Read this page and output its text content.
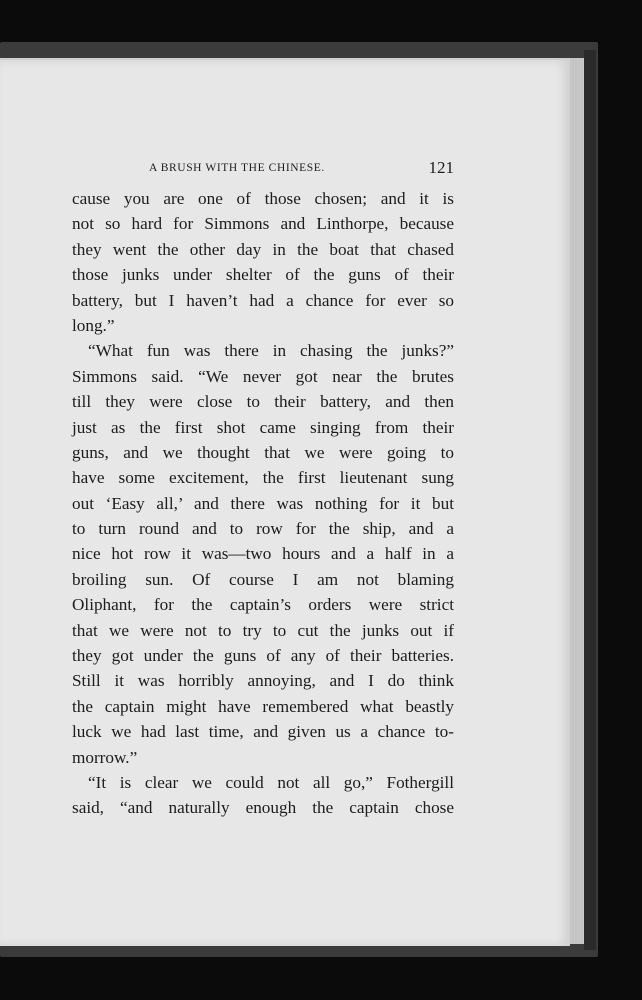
A BRUSH WITH THE CHINESE.	121
cause you are one of those chosen; and it is
not so hard for Simmons and Linthorpe, because
they went the other day in the boat that chased
those junks under shelter of the guns of their
battery, but I haven’t had a chance for ever so
long.”
“What fun was there in chasing the junks?”
Simmons said. “We never got near the brutes
till they were close to their battery, and then
just as the first shot came singing from their
guns, and we thought that we were going to
have some excitement, the first lieutenant sung
out ‘Easy all,’ and there was nothing for it but
to turn round and to row for the ship, and a
nice hot row it was—two hours and a half in a
broiling sun. Of course I am not blaming
Oliphant, for the captain’s orders were strict
that we were not to try to cut the junks out if
they got under the guns of any of their batteries.
Still it was horribly annoying, and I do think
the captain might have remembered what beastly
luck we had last time, and given us a chance to-
morrow.”
“It is clear we could not all go,” Fothergill
said, “and naturally enough the captain chose
